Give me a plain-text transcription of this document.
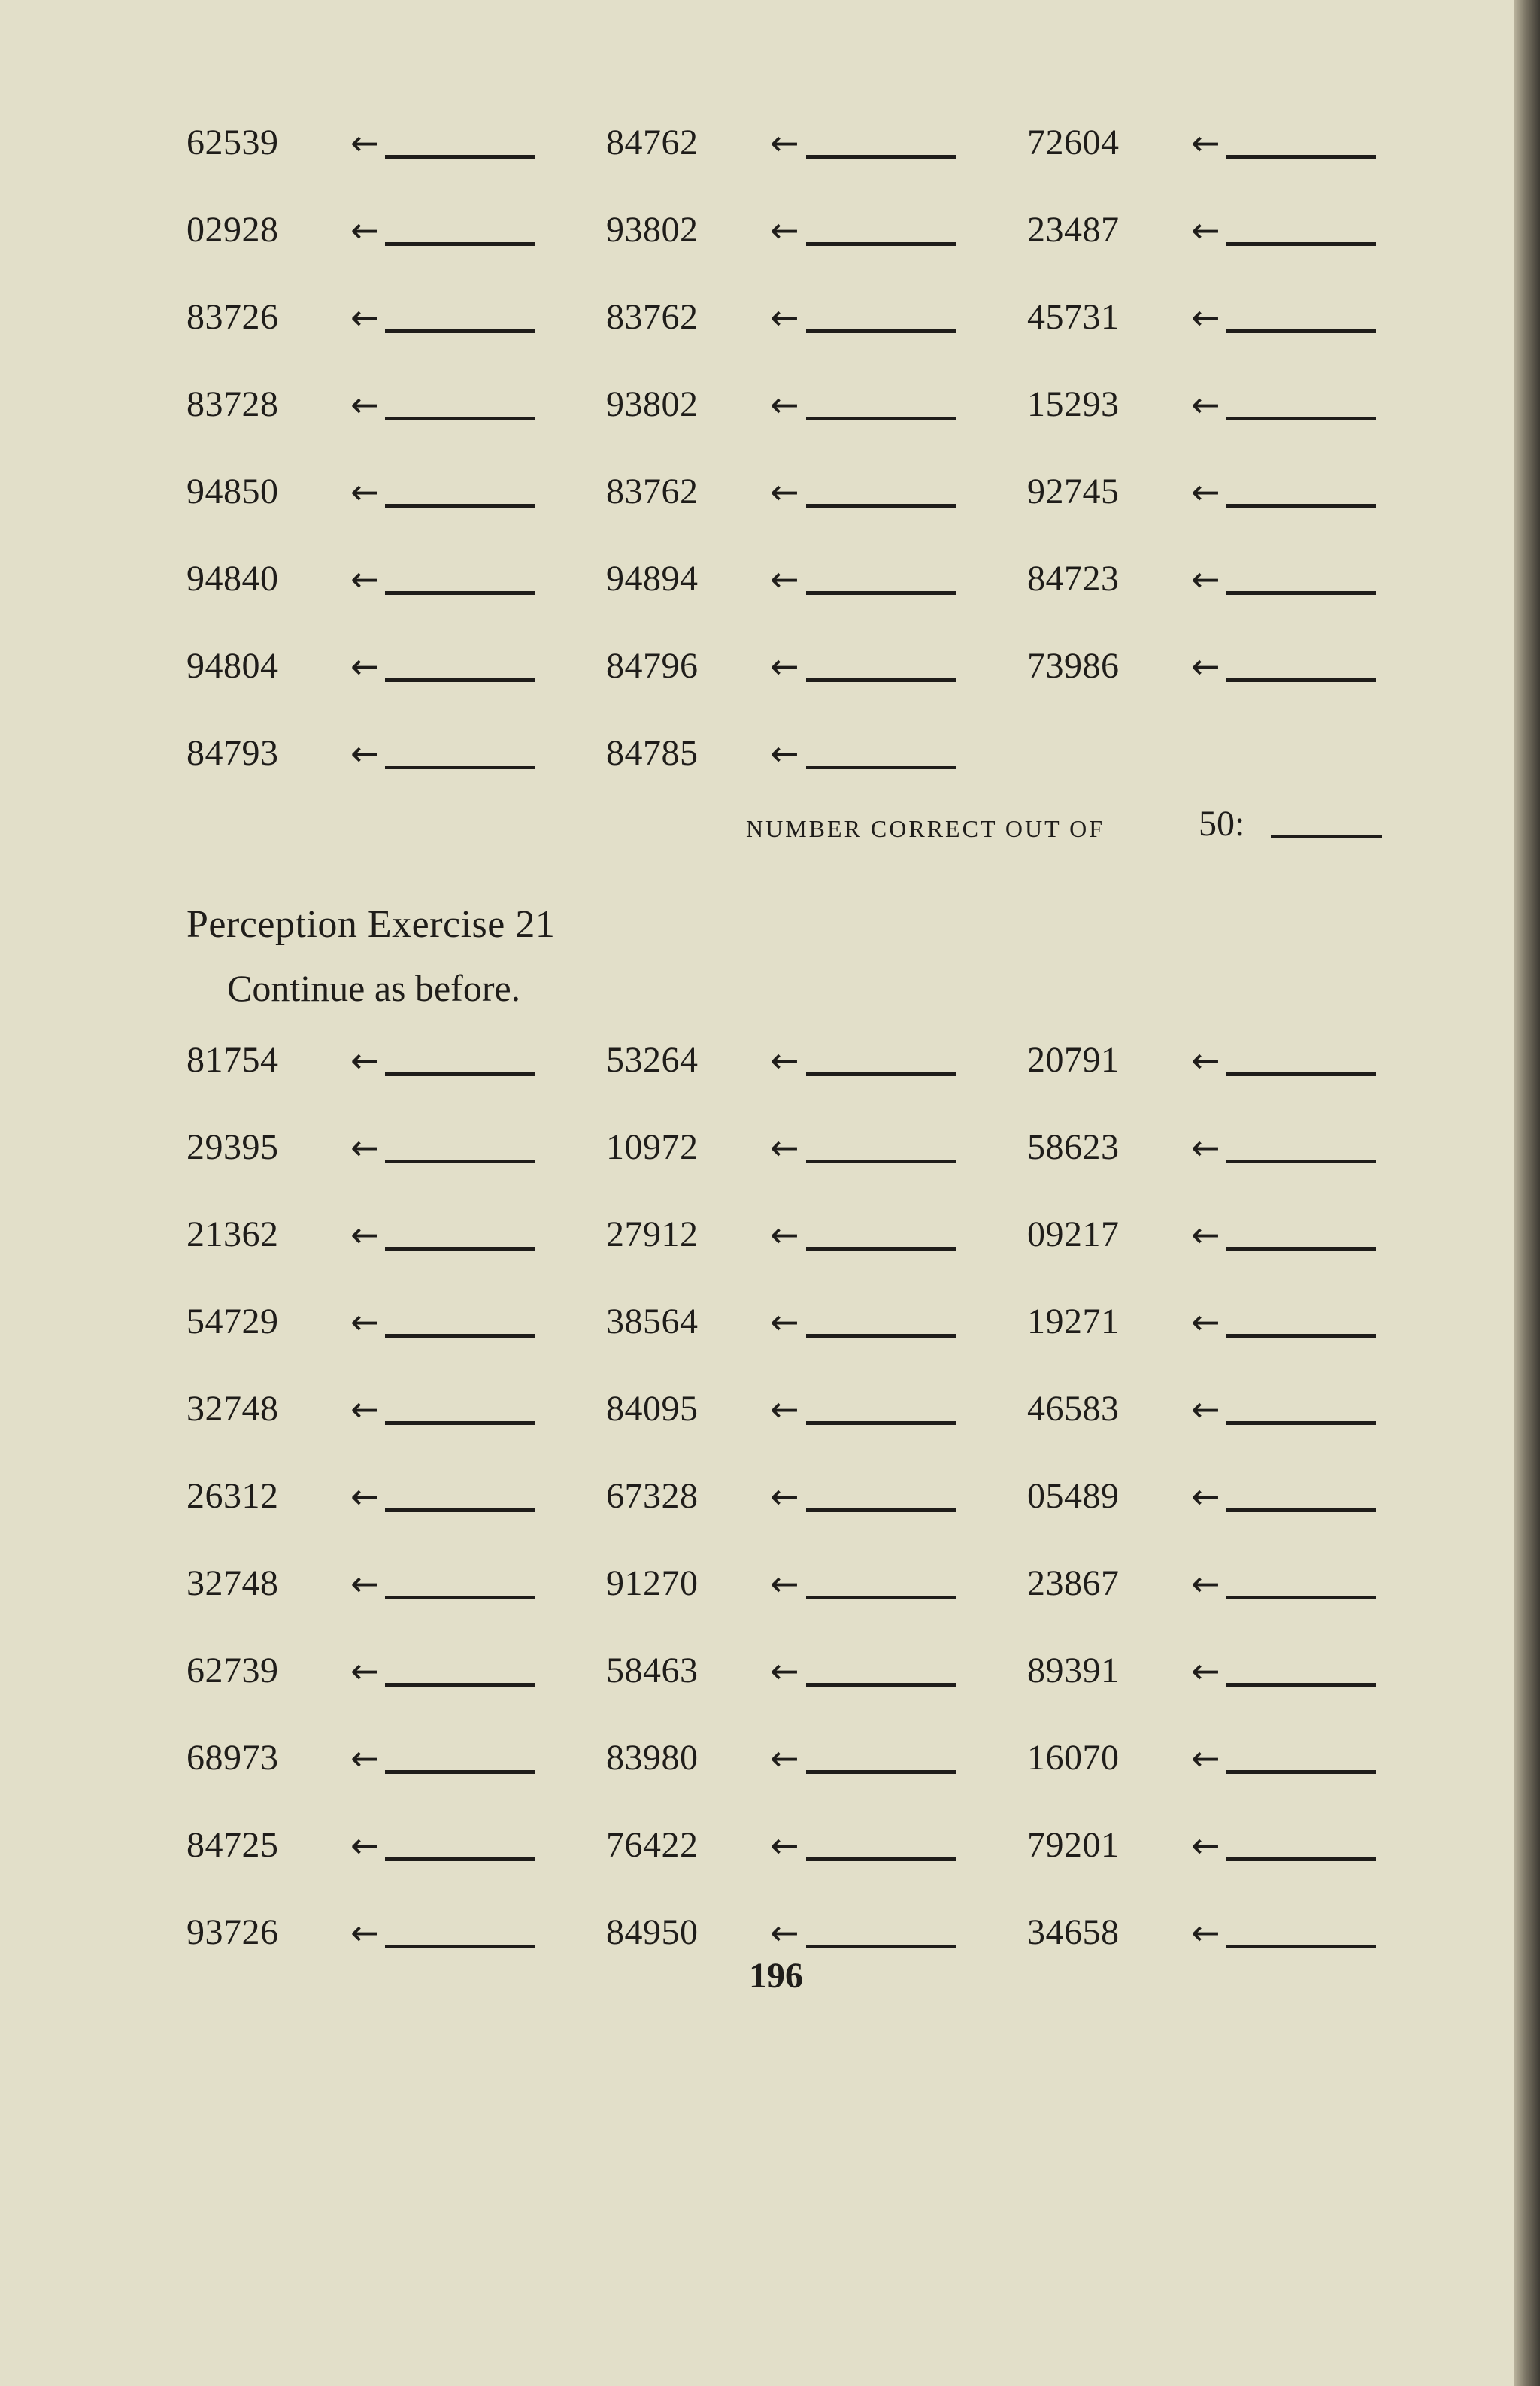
62539 ←	84762 ←	72604 ←
02928 ←	93802 ←	23487 ←
83726 ←	83762 ←	45731 ←
83728 ←	93802 ←	15293 ←
94850 ←	83762 ←	92745 ←
94840 ←	94894 ←	84723 ←
94804 ←	84796 ←	73986 ←
84793 ←	84785 ←
NUMBER CORRECT OUT OF	50:
Perception Exercise 21
Continue as before.
81754 ←	53264 ←	20791 ←
29395 ←	10972 ←	58623 ←
21362 ←	27912 ←	09217 ←
54729 ←	38564 ←	19271 ←
32748 ←	84095 ←	46583 ←
26312 ←	67328 ←	05489 ←
32748 ←	91270 ←	23867 ←
62739 ←	58463 ←	89391 ←
68973 ←	83980 ←	16070 ←
84725 ←	76422 ←	79201 ←
93726 ←	84950 ←	34658 ←
196
